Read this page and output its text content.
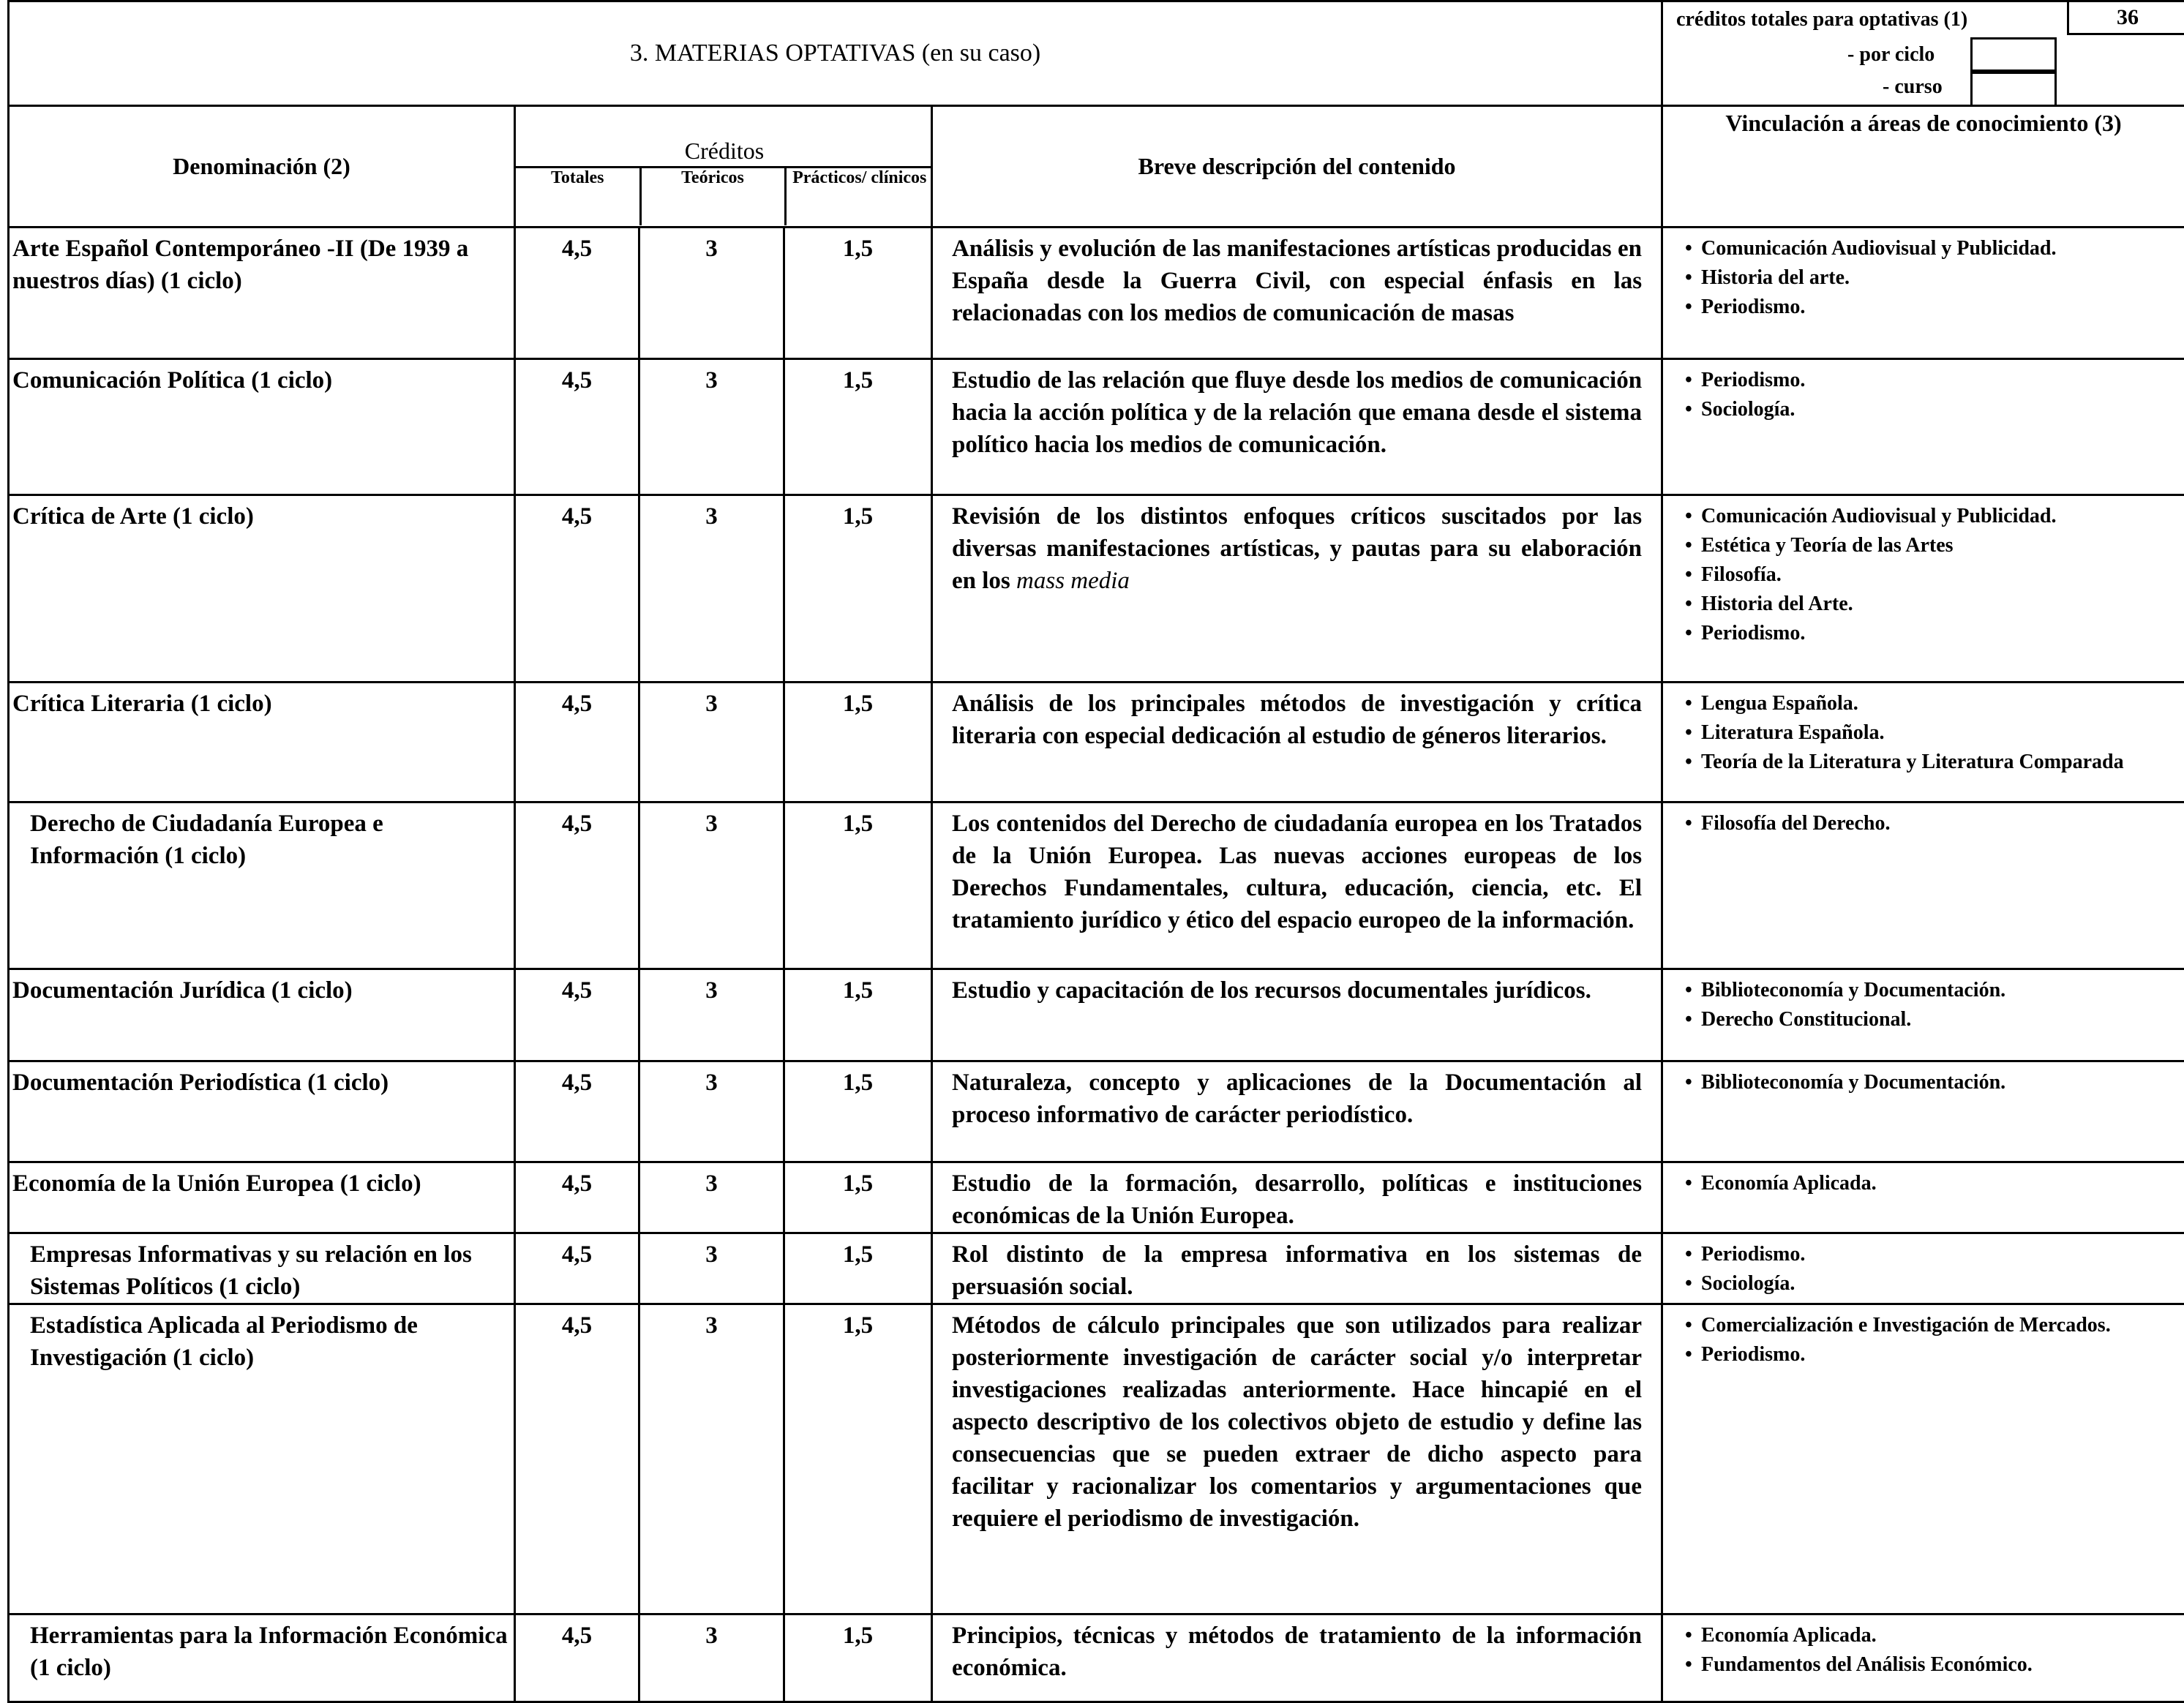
3. MATERIAS OPTATIVAS (en su caso)	
créditos totales para optativas (1)	36
- por ciclo
- curso

Denominación (2)	
Créditos
Totales	Teóricos	Prácticos/ clínicos
		Breve descripción del contenido	Vinculación a áreas de conocimiento (3)
Arte Español Contemporáneo -II (De 1939 a nuestros días) (1 ciclo)	4,5	3	1,5	Análisis y evolución de las manifestaciones artísticas producidas en España desde la Guerra Civil, con especial énfasis en las relacionadas con los medios de comunicación de masas	
• Comunicación Audiovisual y Publicidad.
• Historia del arte.
• Periodismo.

Comunicación Política (1 ciclo)	4,5	3	1,5	Estudio de las relación que fluye desde los medios de comunicación hacia la acción política y de la relación que emana desde el sistema político hacia los medios de comunicación.	
• Periodismo.
• Sociología.

Crítica de Arte (1 ciclo)	4,5	3	1,5	Revisión de los distintos enfoques críticos suscitados por las diversas manifestaciones artísticas, y pautas para su elaboración en los mass media	
• Comunicación Audiovisual y Publicidad.
• Estética y Teoría de las Artes
• Filosofía.
• Historia del Arte.
• Periodismo.

Crítica Literaria (1 ciclo)	4,5	3	1,5	Análisis de los principales métodos de investigación y crítica literaria con especial dedicación al estudio de géneros literarios.	
• Lengua Española.
• Literatura Española.
• Teoría de la Literatura y Literatura Comparada

Derecho de Ciudadanía Europea e Información (1 ciclo)	4,5	3	1,5	Los contenidos del Derecho de ciudadanía europea en los Tratados de la Unión Europea. Las nuevas acciones europeas de los Derechos Fundamentales, cultura, educación, ciencia, etc. El tratamiento jurídico y ético del espacio europeo de la información.	
• Filosofía del Derecho.

Documentación Jurídica (1 ciclo)	4,5	3	1,5	Estudio y capacitación de los recursos documentales jurídicos.	
•Biblioteconomía y Documentación.
• Derecho Constitucional.

Documentación Periodística (1 ciclo)	4,5	3	1,5	Naturaleza, concepto y aplicaciones de la Documentación al proceso informativo de carácter periodístico.	
• Biblioteconomía y Documentación.

Economía de la Unión Europea (1 ciclo)	4,5	3	1,5	Estudio de la formación, desarrollo, políticas e instituciones económicas de la Unión Europea.	
• Economía Aplicada.

Empresas Informativas y su relación en los Sistemas Políticos (1 ciclo)	4,5	3	1,5	Rol distinto de la empresa informativa en los sistemas de persuasión social.	
• Periodismo.
• Sociología.

Estadística Aplicada al Periodismo de Investigación (1 ciclo)	4,5	3	1,5	Métodos de cálculo principales que son utilizados para realizar posteriormente investigación de carácter social y/o interpretar investigaciones realizadas anteriormente. Hace hincapié en el aspecto descriptivo de los colectivos objeto de estudio y define las consecuencias que se pueden extraer de dicho aspecto para facilitar y racionalizar los comentarios y argumentaciones que requiere el periodismo de investigación.	
• Comercialización e Investigación de Mercados.
• Periodismo.

Herramientas para la Información Económica (1 ciclo)	4,5	3	1,5	Principios, técnicas y métodos de tratamiento de la información económica.	
• Economía Aplicada.
• Fundamentos del Análisis Económico.
